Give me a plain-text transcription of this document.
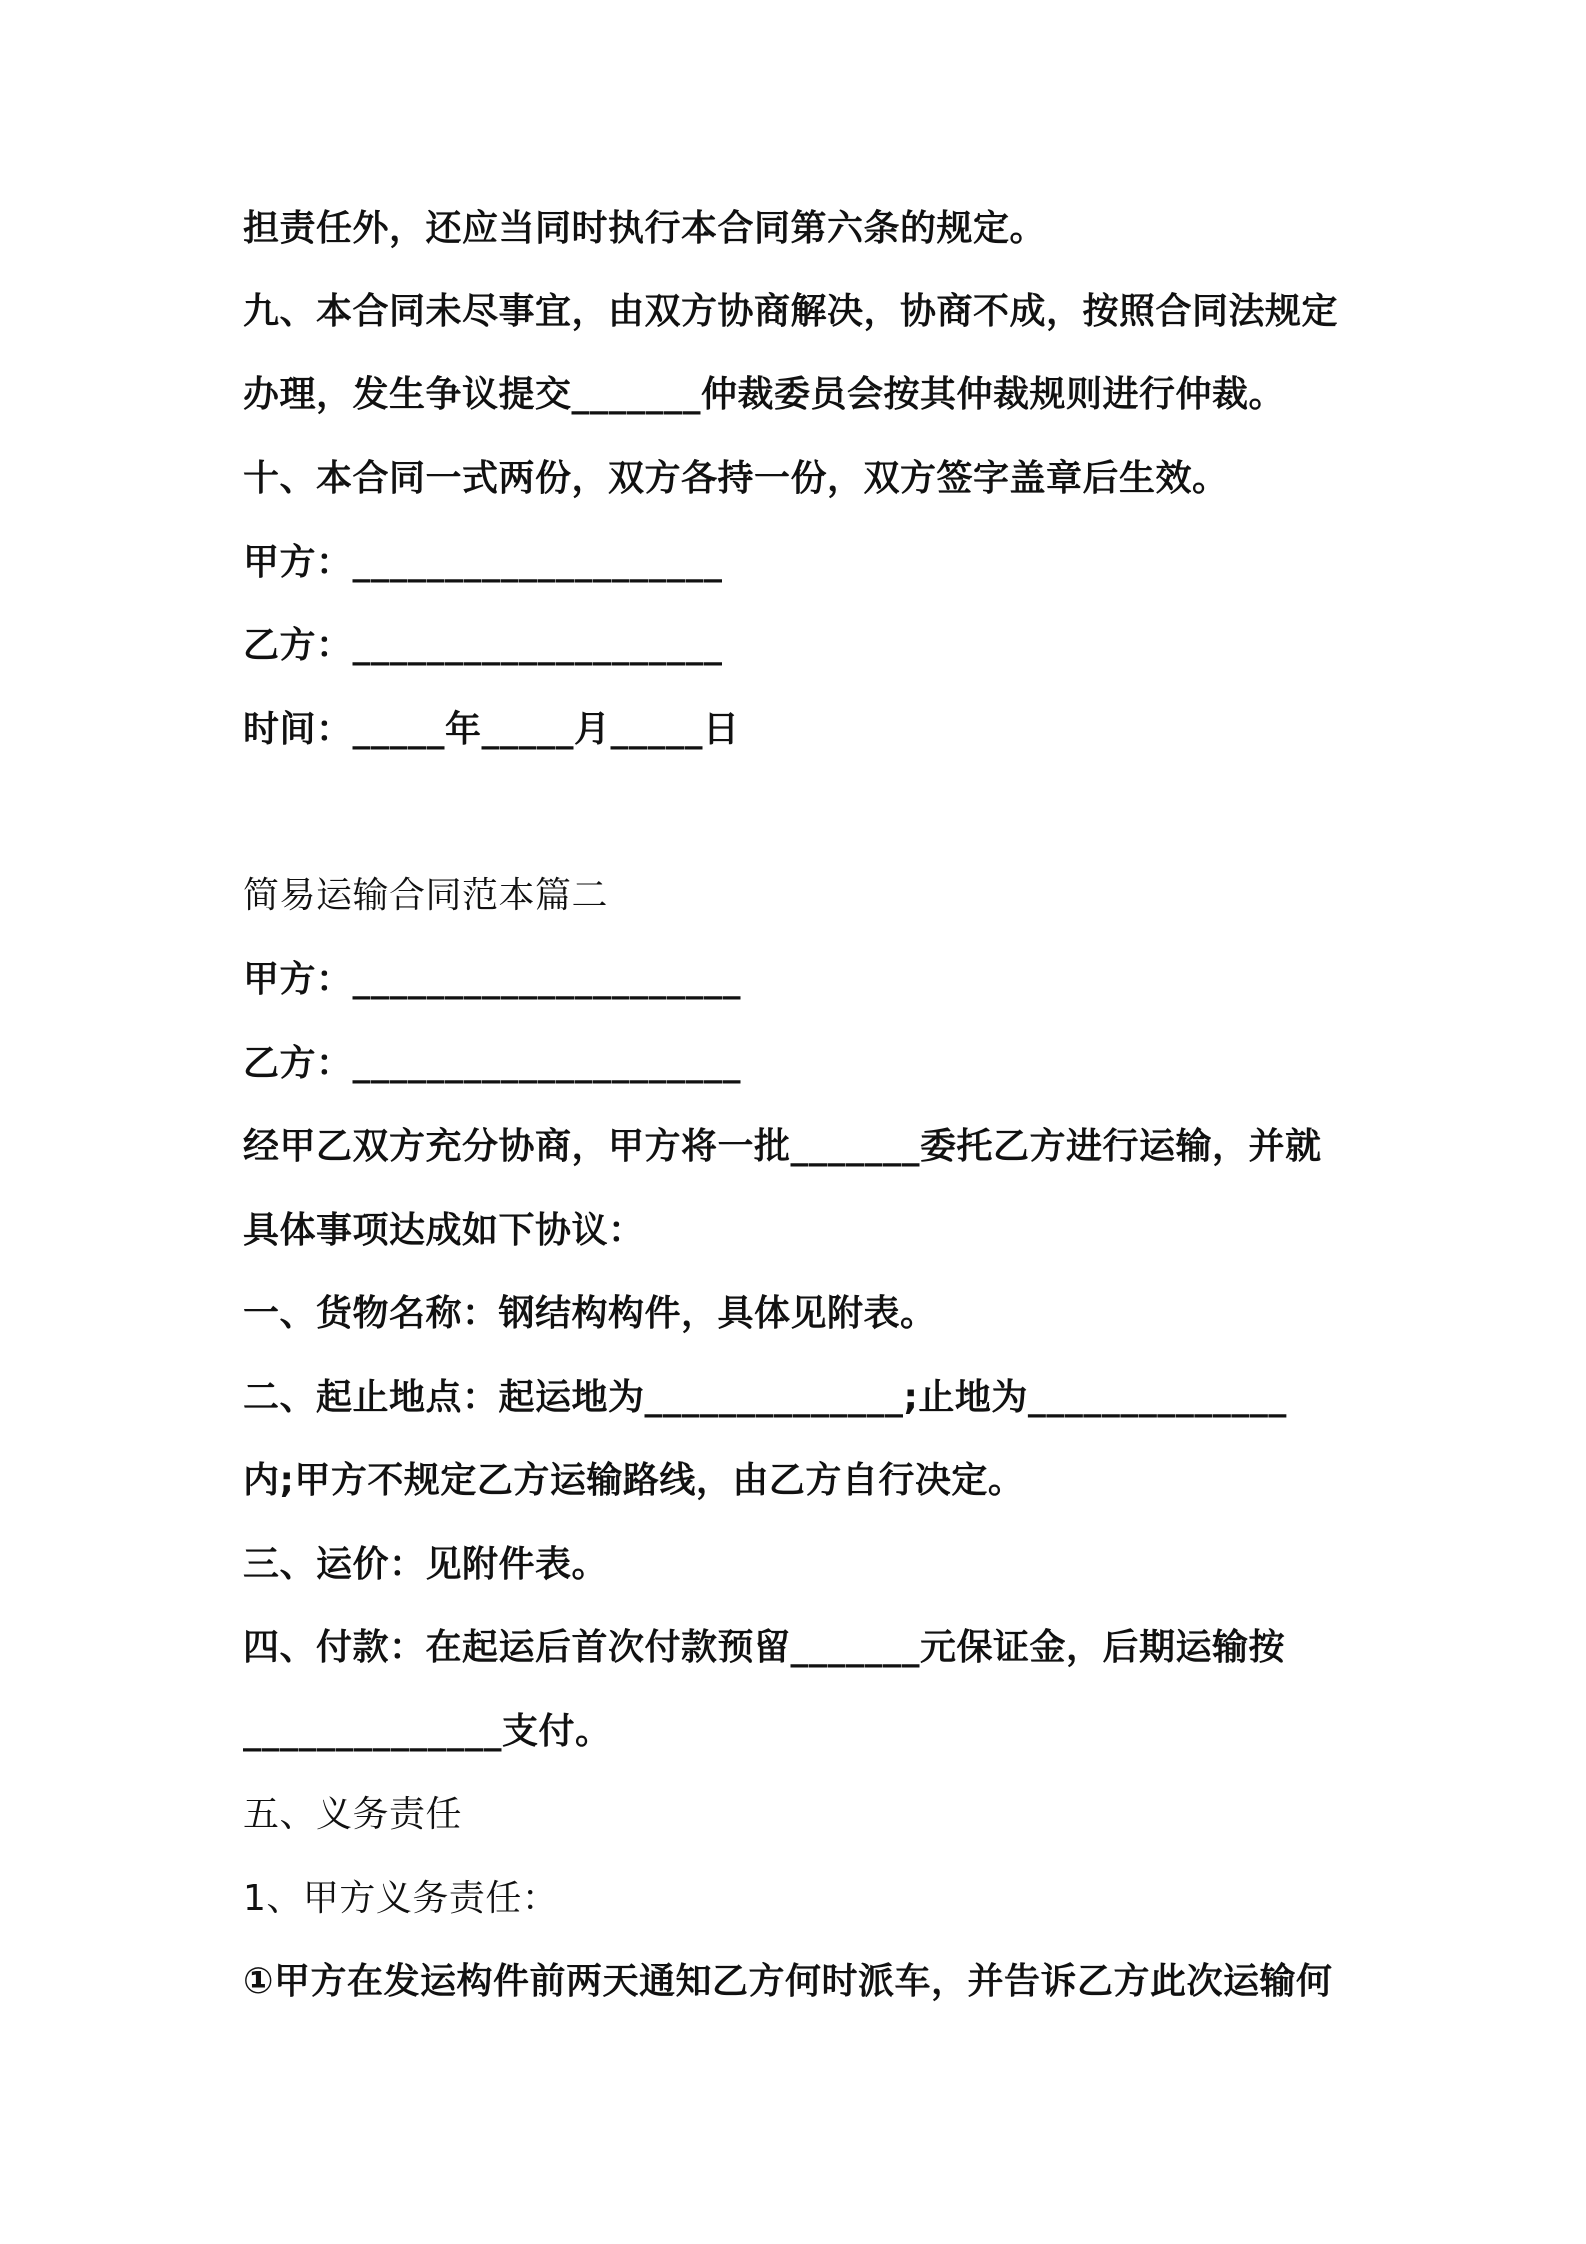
担责任外，还应当同时执行本合同第六条的规定。
九、本合同未尽事宜，由双方协商解决，协商不成，按照合同法规定
办理，发生争议提交_______仲裁委员会按其仲裁规则进行仲裁。
十、本合同一式两份，双方各持一份，双方签字盖章后生效。
甲方：____________________
乙方：____________________
时间：_____年_____月_____日
简易运输合同范本篇二
甲方：_____________________
乙方：_____________________
经甲乙双方充分协商，甲方将一批_______委托乙方进行运输，并就
具体事项达成如下协议：
一、货物名称：钢结构构件，具体见附表。
二、起止地点：起运地为______________;止地为______________
内;甲方不规定乙方运输路线，由乙方自行决定。
三、运价：见附件表。
四、付款：在起运后首次付款预留_______元保证金，后期运输按
______________支付。
五、义务责任
1、甲方义务责任：
①甲方在发运构件前两天通知乙方何时派车，并告诉乙方此次运输何
